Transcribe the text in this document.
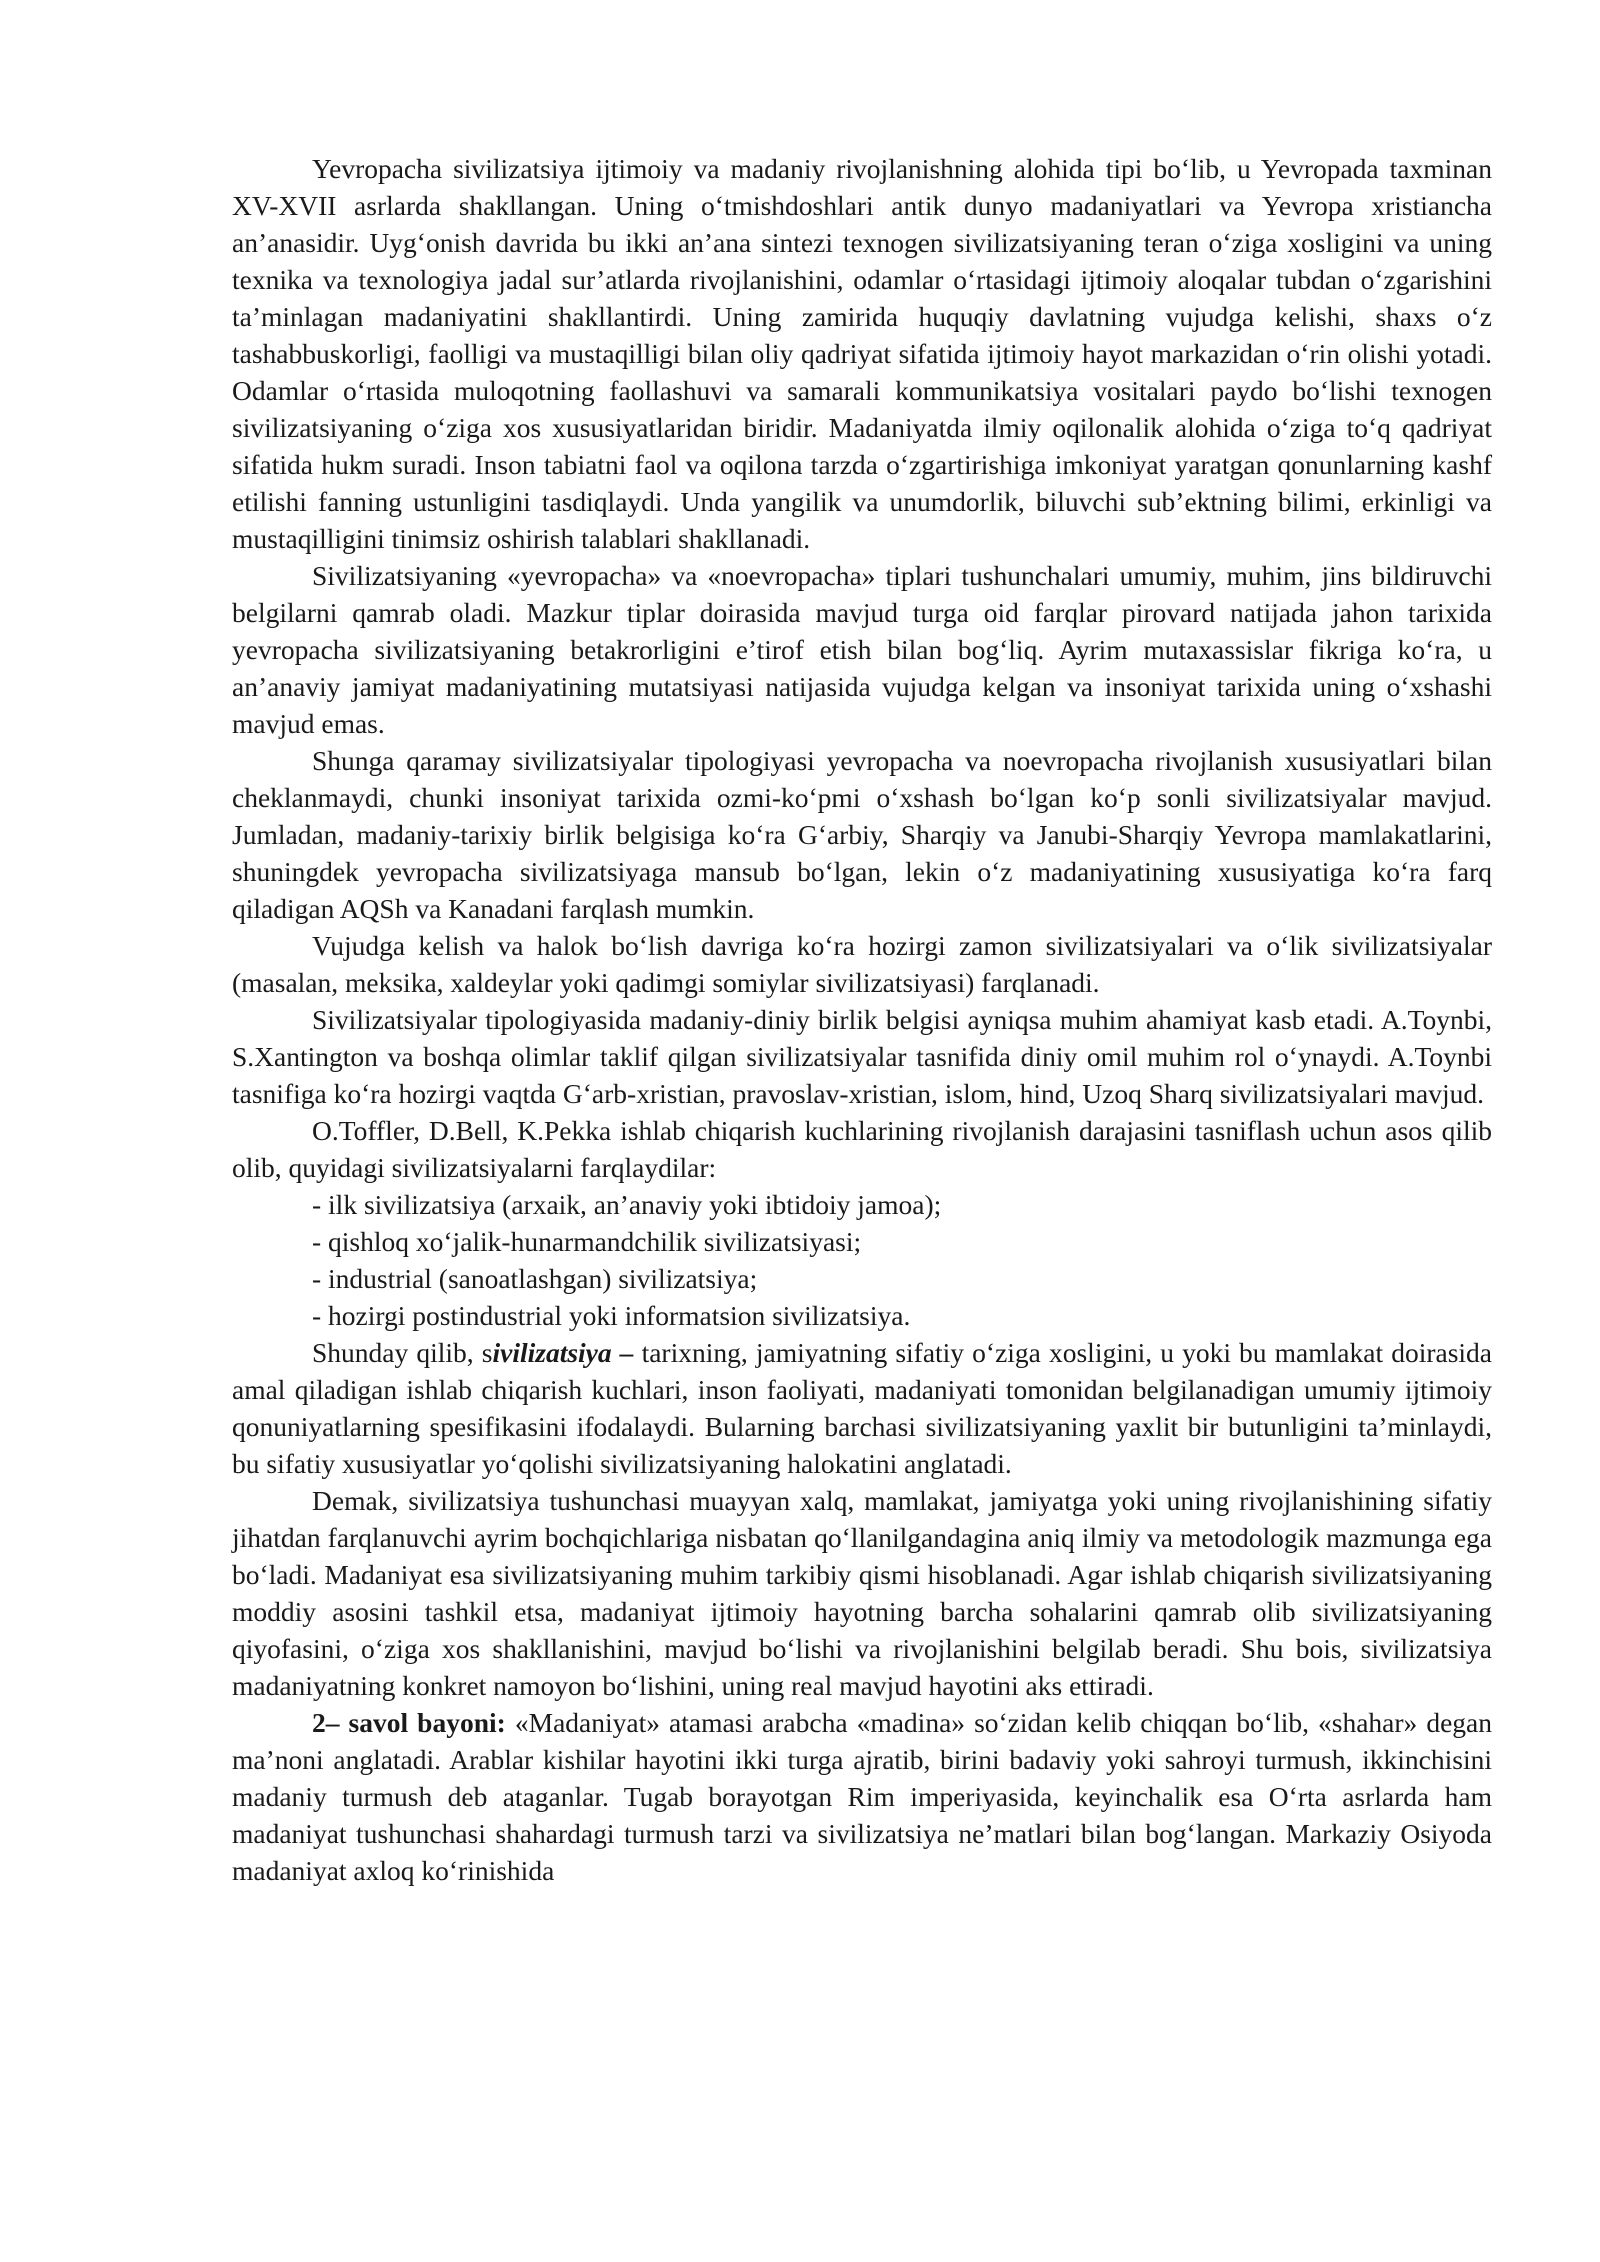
Yevropacha sivilizatsiya ijtimoiy va madaniy rivojlanishning alohida tipi bo‘lib, u Yevropada taxminan XV-XVII asrlarda shakllangan. Uning o‘tmishdoshlari antik dunyo madaniyatlari va Yevropa xristiancha an’anasidir. Uyg‘onish davrida bu ikki an’ana sintezi texnogen sivilizatsiyaning teran o‘ziga xosligini va uning texnika va texnologiya jadal sur’atlarda rivojlanishini, odamlar o‘rtasidagi ijtimoiy aloqalar tubdan o‘zgarishini ta’minlagan madaniyatini shakllantirdi. Uning zamirida huquqiy davlatning vujudga kelishi, shaxs o‘z tashabbuskorligi, faolligi va mustaqilligi bilan oliy qadriyat sifatida ijtimoiy hayot markazidan o‘rin olishi yotadi. Odamlar o‘rtasida muloqotning faollashuvi va samarali kommunikatsiya vositalari paydo bo‘lishi texnogen sivilizatsiyaning o‘ziga xos xususiyatlaridan biridir. Madaniyatda ilmiy oqilonalik alohida o‘ziga to‘q qadriyat sifatida hukm suradi. Inson tabiatni faol va oqilona tarzda o‘zgartirishiga imkoniyat yaratgan qonunlarning kashf etilishi fanning ustunligini tasdiqlaydi. Unda yangilik va unumdorlik, biluvchi sub’ektning bilimi, erkinligi va mustaqilligini tinimsiz oshirish talablari shakllanadi.

Sivilizatsiyaning «yevropacha» va «noevropacha» tiplari tushunchalari umumiy, muhim, jins bildiruvchi belgilarni qamrab oladi. Mazkur tiplar doirasida mavjud turga oid farqlar pirovard natijada jahon tarixida yevropacha sivilizatsiyaning betakrorligini e’tirof etish bilan bog‘liq. Ayrim mutaxassislar fikriga ko‘ra, u an’anaviy jamiyat madaniyatining mutatsiyasi natijasida vujudga kelgan va insoniyat tarixida uning o‘xshashi mavjud emas.

Shunga qaramay sivilizatsiyalar tipologiyasi yevropacha va noevropacha rivojlanish xususiyatlari bilan cheklanmaydi, chunki insoniyat tarixida ozmi-ko‘pmi o‘xshash bo‘lgan ko‘p sonli sivilizatsiyalar mavjud. Jumladan, madaniy-tarixiy birlik belgisiga ko‘ra G‘arbiy, Sharqiy va Janubi-Sharqiy Yevropa mamlakatlarini, shuningdek yevropacha sivilizatsiyaga mansub bo‘lgan, lekin o‘z madaniyatining xususiyatiga ko‘ra farq qiladigan AQSh va Kanadani farqlash mumkin.

Vujudga kelish va halok bo‘lish davriga ko‘ra hozirgi zamon sivilizatsiyalari va o‘lik sivilizatsiyalar (masalan, meksika, xaldeylar yoki qadimgi somiylar sivilizatsiyasi) farqlanadi.

Sivilizatsiyalar tipologiyasida madaniy-diniy birlik belgisi ayniqsa muhim ahamiyat kasb etadi. A.Toynbi, S.Xantington va boshqa olimlar taklif qilgan sivilizatsiyalar tasnifida diniy omil muhim rol o‘ynaydi. A.Toynbi tasnifiga ko‘ra hozirgi vaqtda G‘arb-xristian, pravoslav-xristian, islom, hind, Uzoq Sharq sivilizatsiyalari mavjud.

O.Toffler, D.Bell, K.Pekka ishlab chiqarish kuchlarining rivojlanish darajasini tasniflash uchun asos qilib olib, quyidagi sivilizatsiyalarni farqlaydilar:

- ilk sivilizatsiya (arxaik, an’anaviy yoki ibtidoiy jamoa);
- qishloq xo‘jalik-hunarmandchilik sivilizatsiyasi;
- industrial (sanoatlashgan) sivilizatsiya;
- hozirgi postindustrial yoki informatsion sivilizatsiya.

Shunday qilib, sivilizatsiya – tarixning, jamiyatning sifatiy o‘ziga xosligini, u yoki bu mamlakat doirasida amal qiladigan ishlab chiqarish kuchlari, inson faoliyati, madaniyati tomonidan belgilanadigan umumiy ijtimoiy qonuniyatlarning spesifikasini ifodalaydi. Bularning barchasi sivilizatsiyaning yaxlit bir butunligini ta’minlaydi, bu sifatiy xususiyatlar yo‘qolishi sivilizatsiyaning halokatini anglatadi.

Demak, sivilizatsiya tushunchasi muayyan xalq, mamlakat, jamiyatga yoki uning rivojlanishining sifatiy jihatdan farqlanuvchi ayrim bochqichlariga nisbatan qo‘llanilgandagina aniq ilmiy va metodologik mazmunga ega bo‘ladi. Madaniyat esa sivilizatsiyaning muhim tarkibiy qismi hisoblanadi. Agar ishlab chiqarish sivilizatsiyaning moddiy asosini tashkil etsa, madaniyat ijtimoiy hayotning barcha sohalarini qamrab olib sivilizatsiyaning qiyofasini, o‘ziga xos shakllanishini, mavjud bo‘lishi va rivojlanishini belgilab beradi. Shu bois, sivilizatsiya madaniyatning konkret namoyon bo‘lishini, uning real mavjud hayotini aks ettiradi.

2– savol bayoni: «Madaniyat» atamasi arabcha «madina» so‘zidan kelib chiqqan bo‘lib, «shahar» degan ma’noni anglatadi. Arablar kishilar hayotini ikki turga ajratib, birini badaviy yoki sahroyi turmush, ikkinchisini madaniy turmush deb ataganlar. Tugab borayotgan Rim imperiyasida, keyinchalik esa O‘rta asrlarda ham madaniyat tushunchasi shahardagi turmush tarzi va sivilizatsiya ne’matlari bilan bog‘langan. Markaziy Osiyoda madaniyat axloq ko‘rinishida
